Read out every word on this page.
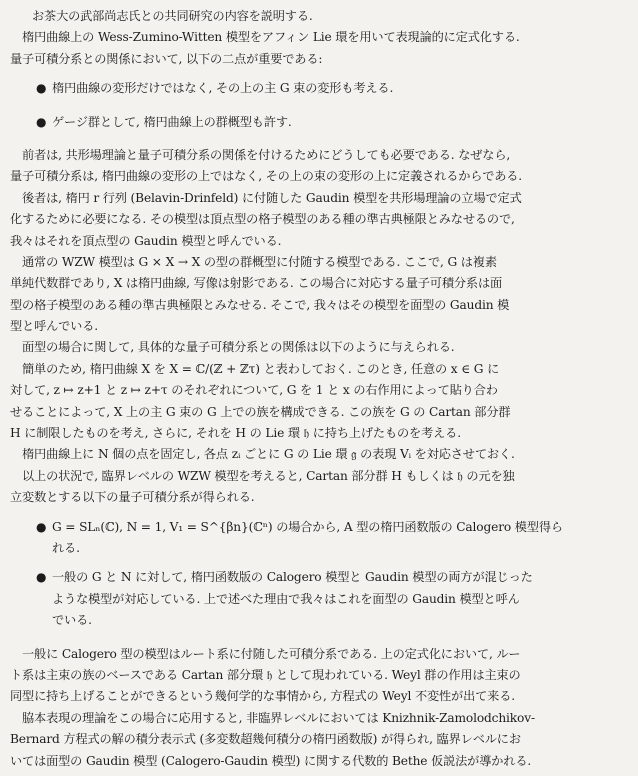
お茶大の武部尚志氏との共同研究の内容を説明する.
楕円曲線上の Wess-Zumino-Witten 模型をアフィン Lie 環を用いて表現論的に定式化する.
量子可積分系との関係において, 以下の二点が重要である:
● 楕円曲線の変形だけではなく, その上の主 G 束の変形も考える.
● ゲージ群として, 楕円曲線上の群概型も許す.
前者は, 共形場理論と量子可積分系の関係を付けるためにどうしても必要である. なぜなら,
量子可積分系は, 楕円曲線の変形の上ではなく, その上の束の変形の上に定義されるからである.
後者は, 楕円 r 行列 (Belavin-Drinfeld) に付随した Gaudin 模型を共形場理論の立場で定式
化するために必要になる. その模型は頂点型の格子模型のある種の準古典極限とみなせるので,
我々はそれを頂点型の Gaudin 模型と呼んでいる.
通常の WZW 模型は G × X → X の型の群概型に付随する模型である. ここで, G は複素
単純代数群であり, X は楕円曲線, 写像は射影である. この場合に対応する量子可積分系は面
型の格子模型のある種の準古典極限とみなせる. そこで, 我々はその模型を面型の Gaudin 模
型と呼んでいる.
面型の場合に関して, 具体的な量子可積分系との関係は以下のように与えられる.
簡単のため, 楕円曲線 X を X = ℂ/(ℤ + ℤτ) と表わしておく. このとき, 任意の x ∈ G に
対して, z ↦ z+1 と z ↦ z+τ のそれぞれについて, G を 1 と x の右作用によって貼り合わ
せることによって, X 上の主 G 束の G 上での族を構成できる. この族を G の Cartan 部分群
H に制限したものを考え, さらに, それを H の Lie 環 𝔥 に持ち上げたものを考える.
楕円曲線上に N 個の点を固定し, 各点 zᵢ ごとに G の Lie 環 𝔤 の表現 Vᵢ を対応させておく.
以上の状況で, 臨界レベルの WZW 模型を考えると, Cartan 部分群 H もしくは 𝔥 の元を独
立変数とする以下の量子可積分系が得られる.
● G = SLₙ(ℂ), N = 1, V₁ = S^{βn}(ℂⁿ) の場合から, A 型の楕円函数版の Calogero 模型得ら
れる.
● 一般の G と N に対して, 楕円函数版の Calogero 模型と Gaudin 模型の両方が混じった
ような模型が対応している. 上で述べた理由で我々はこれを面型の Gaudin 模型と呼ん
でいる.
一般に Calogero 型の模型はルート系に付随した可積分系である. 上の定式化において, ルー
ト系は主束の族のベースである Cartan 部分環 𝔥 として現われている. Weyl 群の作用は主束の
同型に持ち上げることができるという幾何学的な事情から, 方程式の Weyl 不変性が出て来る.
脇本表現の理論をこの場合に応用すると, 非臨界レベルにおいては Knizhnik-Zamolodchikov-
Bernard 方程式の解の積分表示式 (多変数超幾何積分の楕円函数版) が得られ, 臨界レベルにお
いては面型の Gaudin 模型 (Calogero-Gaudin 模型) に関する代数的 Bethe 仮説法が導かれる.
